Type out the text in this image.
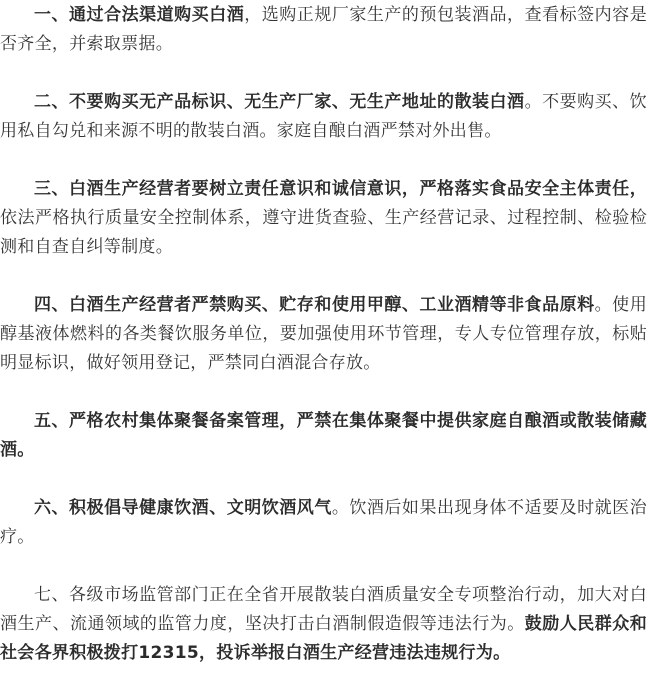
一、通过合法渠道购买白酒，选购正规厂家生产的预包装酒品，查看标签内容是否齐全，并索取票据。

二、不要购买无产品标识、无生产厂家、无生产地址的散装白酒。不要购买、饮用私自勾兑和来源不明的散装白酒。家庭自酿白酒严禁对外出售。

三、白酒生产经营者要树立责任意识和诚信意识，严格落实食品安全主体责任，依法严格执行质量安全控制体系，遵守进货查验、生产经营记录、过程控制、检验检测和自查自纠等制度。

四、白酒生产经营者严禁购买、贮存和使用甲醇、工业酒精等非食品原料。使用醇基液体燃料的各类餐饮服务单位，要加强使用环节管理，专人专位管理存放，标贴明显标识，做好领用登记，严禁同白酒混合存放。

五、严格农村集体聚餐备案管理，严禁在集体聚餐中提供家庭自酿酒或散装储藏酒。

六、积极倡导健康饮酒、文明饮酒风气。饮酒后如果出现身体不适要及时就医治疗。

七、各级市场监管部门正在全省开展散装白酒质量安全专项整治行动，加大对白酒生产、流通领域的监管力度，坚决打击白酒制假造假等违法行为。鼓励人民群众和社会各界积极拨打12315，投诉举报白酒生产经营违法违规行为。
